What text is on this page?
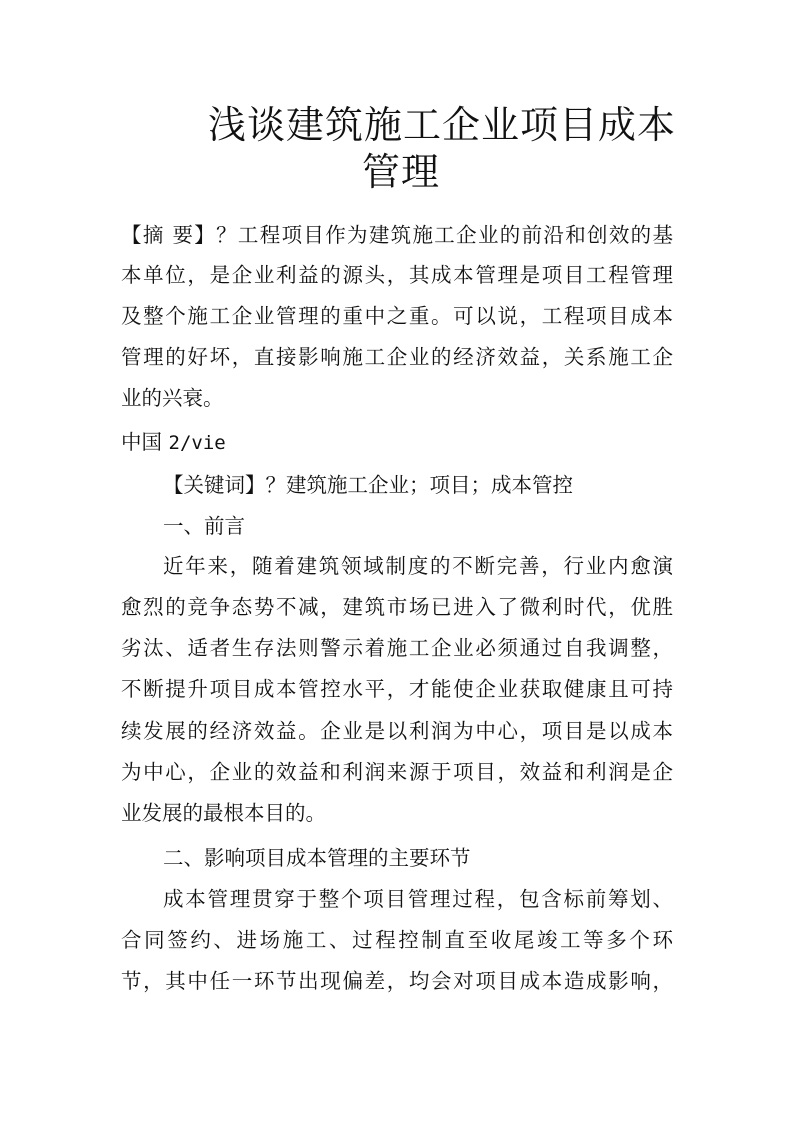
浅谈建筑施工企业项目成本
管理
【摘 要】？工程项目作为建筑施工企业的前沿和创效的基
本单位，是企业利益的源头，其成本管理是项目工程管理
及整个施工企业管理的重中之重。可以说，工程项目成本
管理的好坏，直接影响施工企业的经济效益，关系施工企
业的兴衰。
中国 2/vie
【关键词】？建筑施工企业；项目；成本管控
一、前言
近年来，随着建筑领域制度的不断完善，行业内愈演
愈烈的竞争态势不减，建筑市场已进入了微利时代，优胜
劣汰、适者生存法则警示着施工企业必须通过自我调整，
不断提升项目成本管控水平，才能使企业获取健康且可持
续发展的经济效益。企业是以利润为中心，项目是以成本
为中心，企业的效益和利润来源于项目，效益和利润是企
业发展的最根本目的。
二、影响项目成本管理的主要环节
成本管理贯穿于整个项目管理过程，包含标前筹划、
合同签约、进场施工、过程控制直至收尾竣工等多个环
节，其中任一环节出现偏差，均会对项目成本造成影响，
